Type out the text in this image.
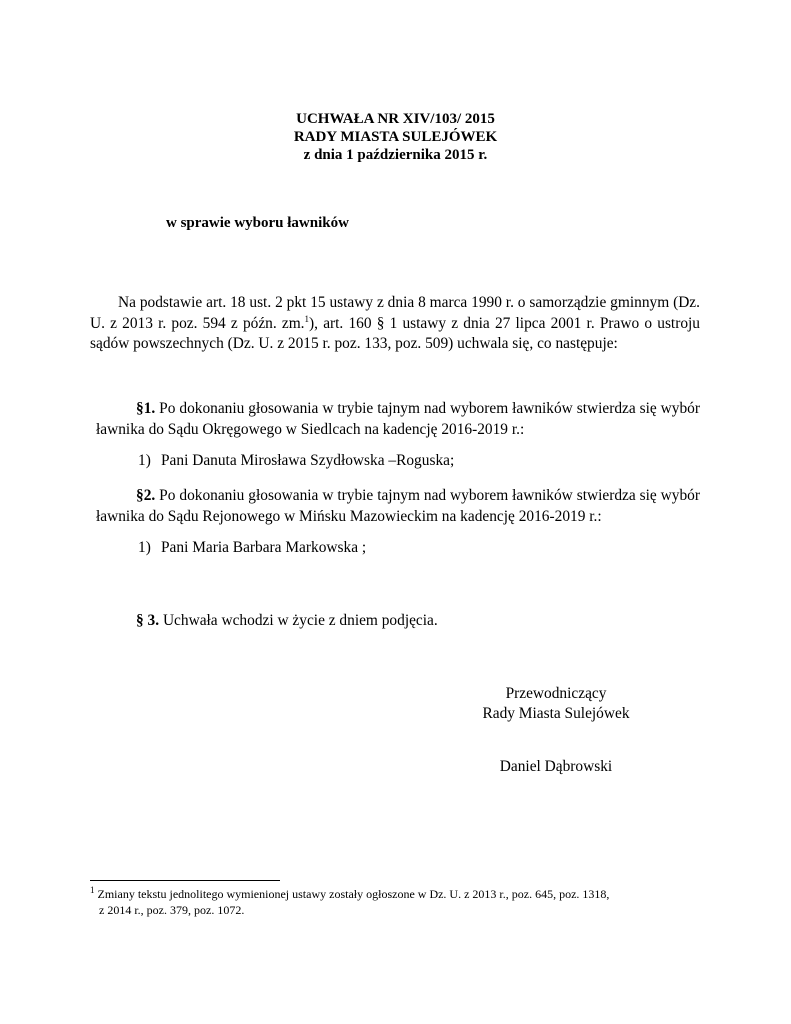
UCHWAŁA NR XIV/103/ 2015
RADY MIASTA SULEJÓWEK
z dnia 1 października 2015 r.
w sprawie wyboru ławników
Na podstawie art. 18 ust. 2 pkt 15 ustawy z dnia 8 marca 1990 r. o samorządzie gminnym (Dz. U. z 2013 r. poz. 594 z późn. zm.$^1$), art. 160 § 1 ustawy z dnia 27 lipca 2001 r. Prawo o ustroju sądów powszechnych (Dz. U. z 2015 r. poz. 133, poz. 509) uchwala się, co następuje:
§1. Po dokonaniu głosowania w trybie tajnym nad wyborem ławników stwierdza się wybór ławnika do Sądu Okręgowego w Siedlcach na kadencję 2016-2019 r.:
1) Pani Danuta Mirosława Szydłowska –Roguska;
§2. Po dokonaniu głosowania w trybie tajnym nad wyborem ławników stwierdza się wybór ławnika do Sądu Rejonowego w Mińsku Mazowieckim na kadencję 2016-2019 r.:
1) Pani Maria Barbara Markowska ;
§ 3. Uchwała wchodzi w życie z dniem podjęcia.
Przewodniczący
Rady Miasta Sulejówek
Daniel Dąbrowski
$^1$ Zmiany tekstu jednolitego wymienionej ustawy zostały ogłoszone w Dz. U. z 2013 r., poz. 645, poz. 1318,
z 2014 r., poz. 379, poz. 1072.
